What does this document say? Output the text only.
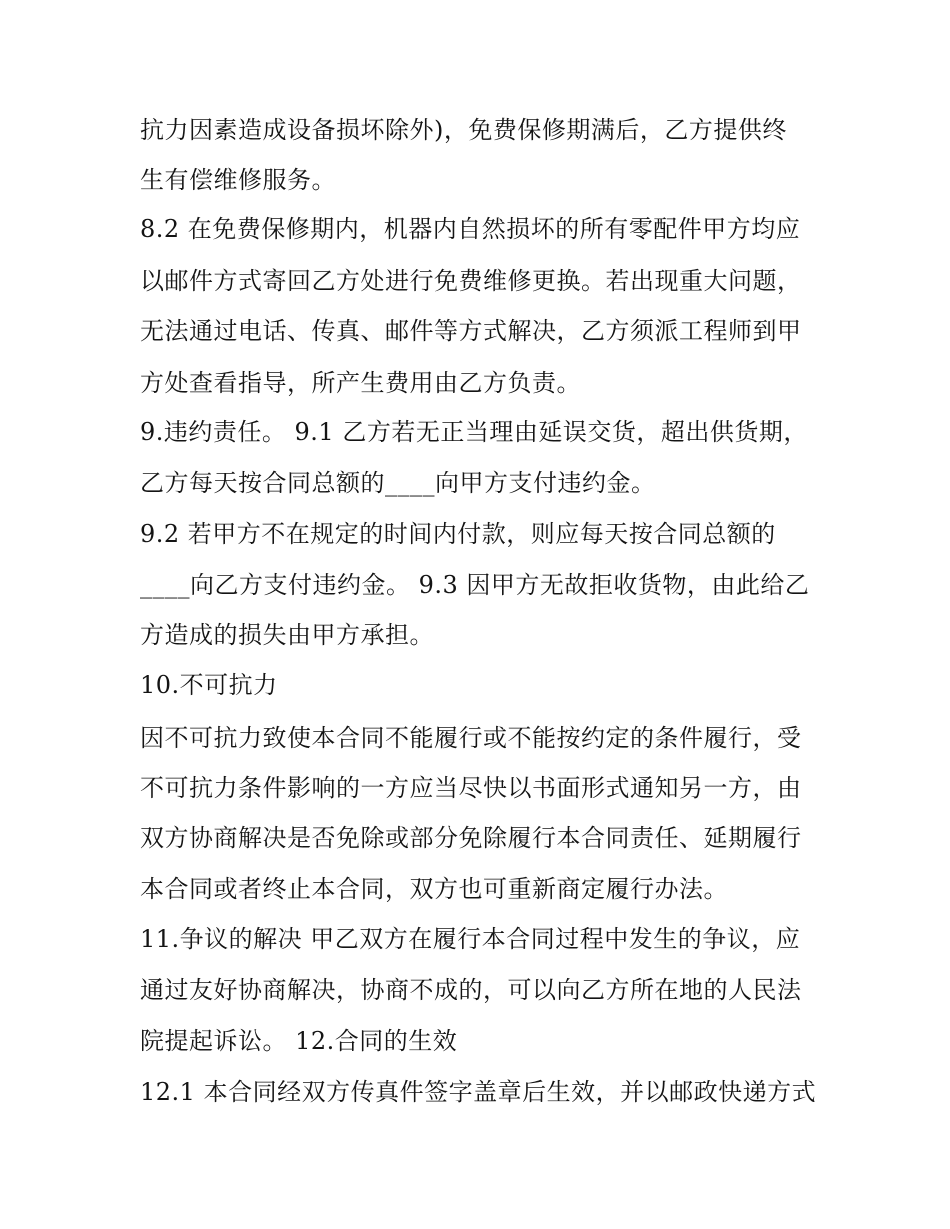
抗力因素造成设备损坏除外)，免费保修期满后，乙方提供终
生有偿维修服务。
8.2 在免费保修期内，机器内自然损坏的所有零配件甲方均应
以邮件方式寄回乙方处进行免费维修更换。若出现重大问题，
无法通过电话、传真、邮件等方式解决，乙方须派工程师到甲
方处查看指导，所产生费用由乙方负责。
9.违约责任。 9.1 乙方若无正当理由延误交货，超出供货期，
乙方每天按合同总额的____向甲方支付违约金。
9.2 若甲方不在规定的时间内付款，则应每天按合同总额的
____向乙方支付违约金。 9.3 因甲方无故拒收货物，由此给乙
方造成的损失由甲方承担。
10.不可抗力
因不可抗力致使本合同不能履行或不能按约定的条件履行，受
不可抗力条件影响的一方应当尽快以书面形式通知另一方，由
双方协商解决是否免除或部分免除履行本合同责任、延期履行
本合同或者终止本合同，双方也可重新商定履行办法。
11.争议的解决 甲乙双方在履行本合同过程中发生的争议，应
通过友好协商解决，协商不成的，可以向乙方所在地的人民法
院提起诉讼。 12.合同的生效
12.1 本合同经双方传真件签字盖章后生效，并以邮政快递方式
